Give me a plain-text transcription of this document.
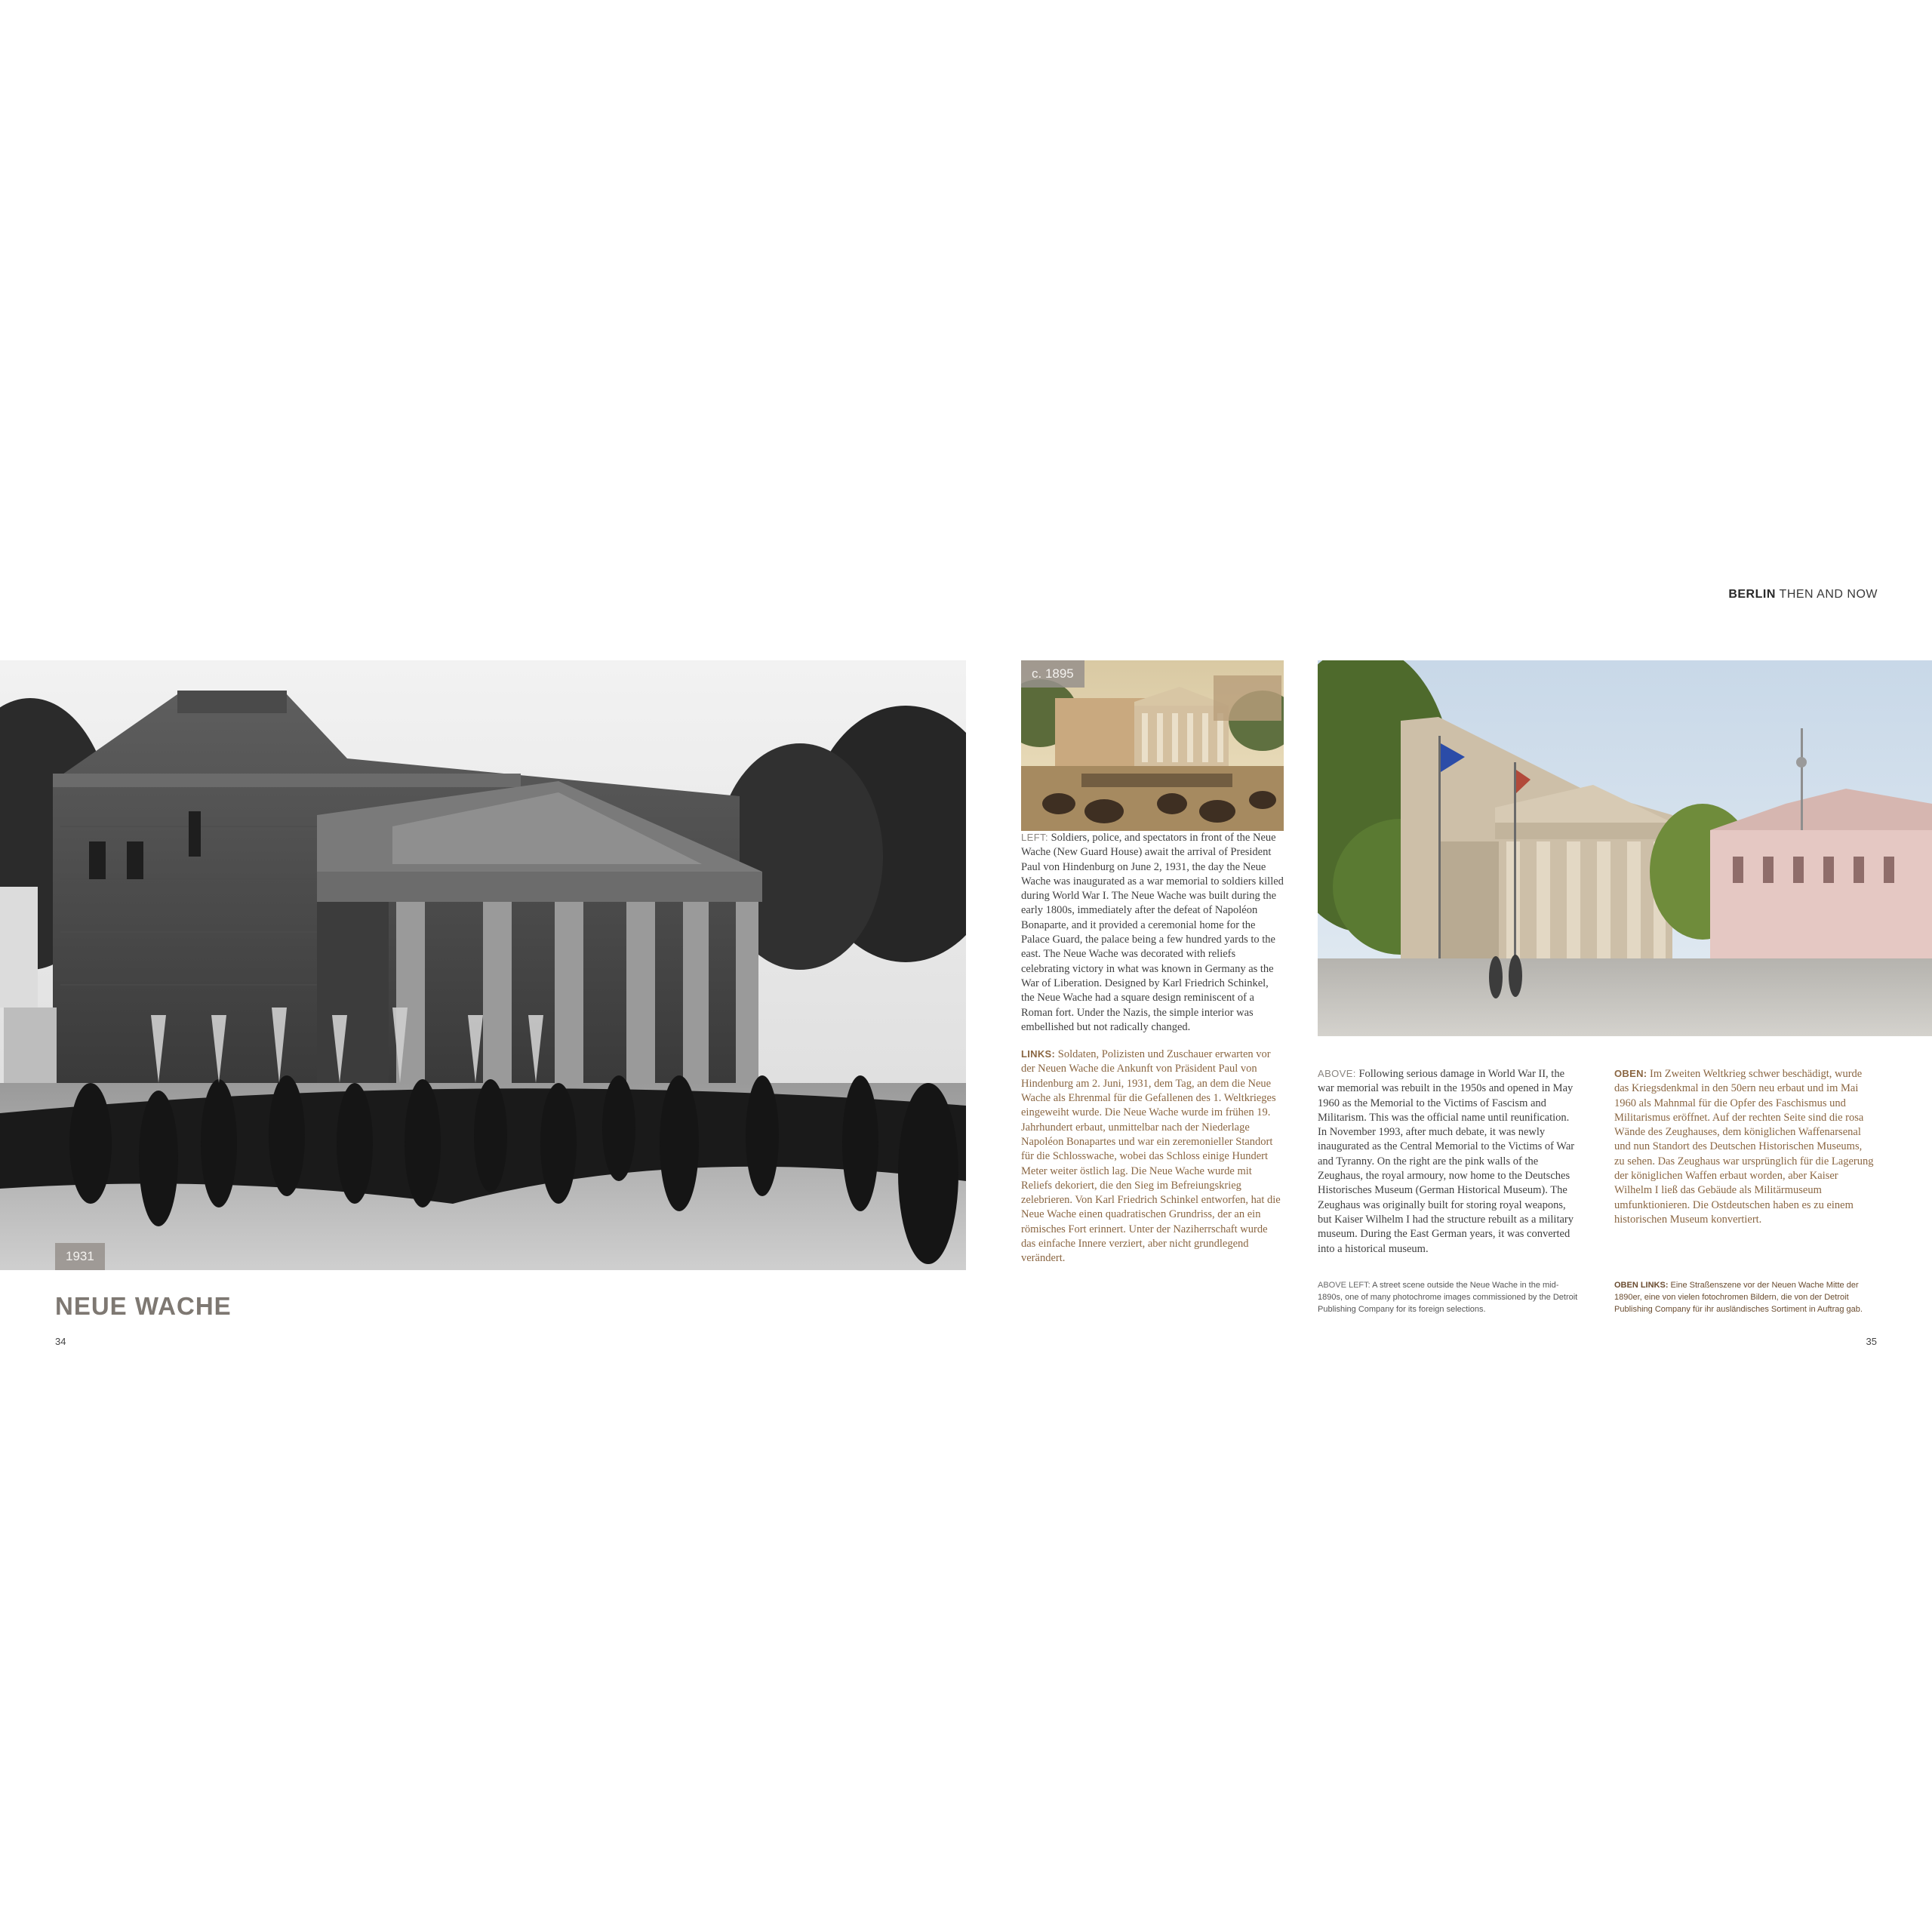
BERLIN THEN AND NOW
1931
c. 1895
NEUE WACHE
34	35

LEFT: Soldiers, police, and spectators in front of the Neue Wache (New Guard House) await the arrival of President Paul von Hindenburg on June 2, 1931, the day the Neue Wache was inaugurated as a war memorial to soldiers killed during World War I. The Neue Wache was built during the early 1800s, immediately after the defeat of Napoléon Bonaparte, and it provided a ceremonial home for the Palace Guard, the palace being a few hundred yards to the east. The Neue Wache was decorated with reliefs celebrating victory in what was known in Germany as the War of Liberation. Designed by Karl Friedrich Schinkel, the Neue Wache had a square design reminiscent of a Roman fort. Under the Nazis, the simple interior was embellished but not radically changed.

LINKS: Soldaten, Polizisten und Zuschauer erwarten vor der Neuen Wache die Ankunft von Präsident Paul von Hindenburg am 2. Juni, 1931, dem Tag, an dem die Neue Wache als Ehrenmal für die Gefallenen des 1. Weltkrieges eingeweiht wurde. Die Neue Wache wurde im frühen 19. Jahrhundert erbaut, unmittelbar nach der Niederlage Napoléon Bonapartes und war ein zeremonieller Standort für die Schlosswache, wobei das Schloss einige Hundert Meter weiter östlich lag. Die Neue Wache wurde mit Reliefs dekoriert, die den Sieg im Befreiungskrieg zelebrieren. Von Karl Friedrich Schinkel entworfen, hat die Neue Wache einen quadratischen Grundriss, der an ein römisches Fort erinnert. Unter der Naziherrschaft wurde das einfache Innere verziert, aber nicht grundlegend verändert.

ABOVE: Following serious damage in World War II, the war memorial was rebuilt in the 1950s and opened in May 1960 as the Memorial to the Victims of Fascism and Militarism. This was the official name until reunification. In November 1993, after much debate, it was newly inaugurated as the Central Memorial to the Victims of War and Tyranny. On the right are the pink walls of the Zeughaus, the royal armoury, now home to the Deutsches Historisches Museum (German Historical Museum). The Zeughaus was originally built for storing royal weapons, but Kaiser Wilhelm I had the structure rebuilt as a military museum. During the East German years, it was converted into a historical museum.

OBEN: Im Zweiten Weltkrieg schwer beschädigt, wurde das Kriegsdenkmal in den 50ern neu erbaut und im Mai 1960 als Mahnmal für die Opfer des Faschismus und Militarismus eröffnet. Auf der rechten Seite sind die rosa Wände des Zeughauses, dem königlichen Waffenarsenal und nun Standort des Deutschen Historischen Museums, zu sehen. Das Zeughaus war ursprünglich für die Lagerung der königlichen Waffen erbaut worden, aber Kaiser Wilhelm I ließ das Gebäude als Militärmuseum umfunktionieren. Die Ostdeutschen haben es zu einem historischen Museum konvertiert.

ABOVE LEFT: A street scene outside the Neue Wache in the mid-1890s, one of many photochrome images commissioned by the Detroit Publishing Company for its foreign selections.
OBEN LINKS: Eine Straßenszene vor der Neuen Wache Mitte der 1890er, eine von vielen fotochromen Bildern, die von der Detroit Publishing Company für ihr ausländisches Sortiment in Auftrag gab.
